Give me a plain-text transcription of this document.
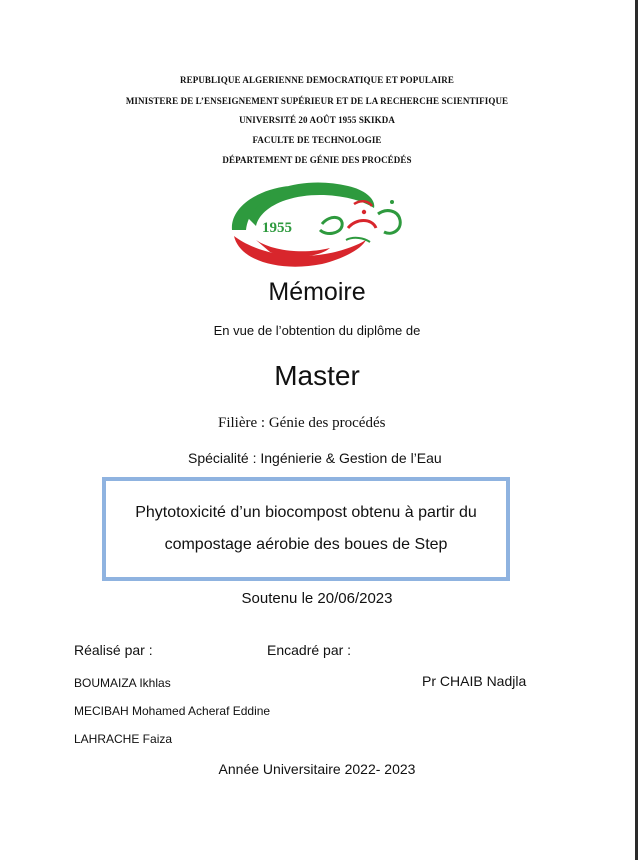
REPUBLIQUE ALGERIENNE DEMOCRATIQUE ET POPULAIRE
MINISTERE DE L’ENSEIGNEMENT SUPÉRIEUR ET DE LA RECHERCHE SCIENTIFIQUE
UNIVERSITÉ 20 AOÛT 1955 SKIKDA
FACULTE DE TECHNOLOGIE
DÉPARTEMENT DE GÉNIE DES PROCÉDÉS
1955
Mémoire
En vue de l’obtention du diplôme de
Master
Filière : Génie des procédés
Spécialité : Ingénierie & Gestion de l’Eau
Phytotoxicité d’un biocompost obtenu à partir du compostage aérobie des boues de Step
Soutenu le 20/06/2023
Réalisé par :	Encadré par :
BOUMAIZA Ikhlas	Pr CHAIB Nadjla
MECIBAH Mohamed Acheraf Eddine
LAHRACHE Faiza
Année Universitaire 2022- 2023
